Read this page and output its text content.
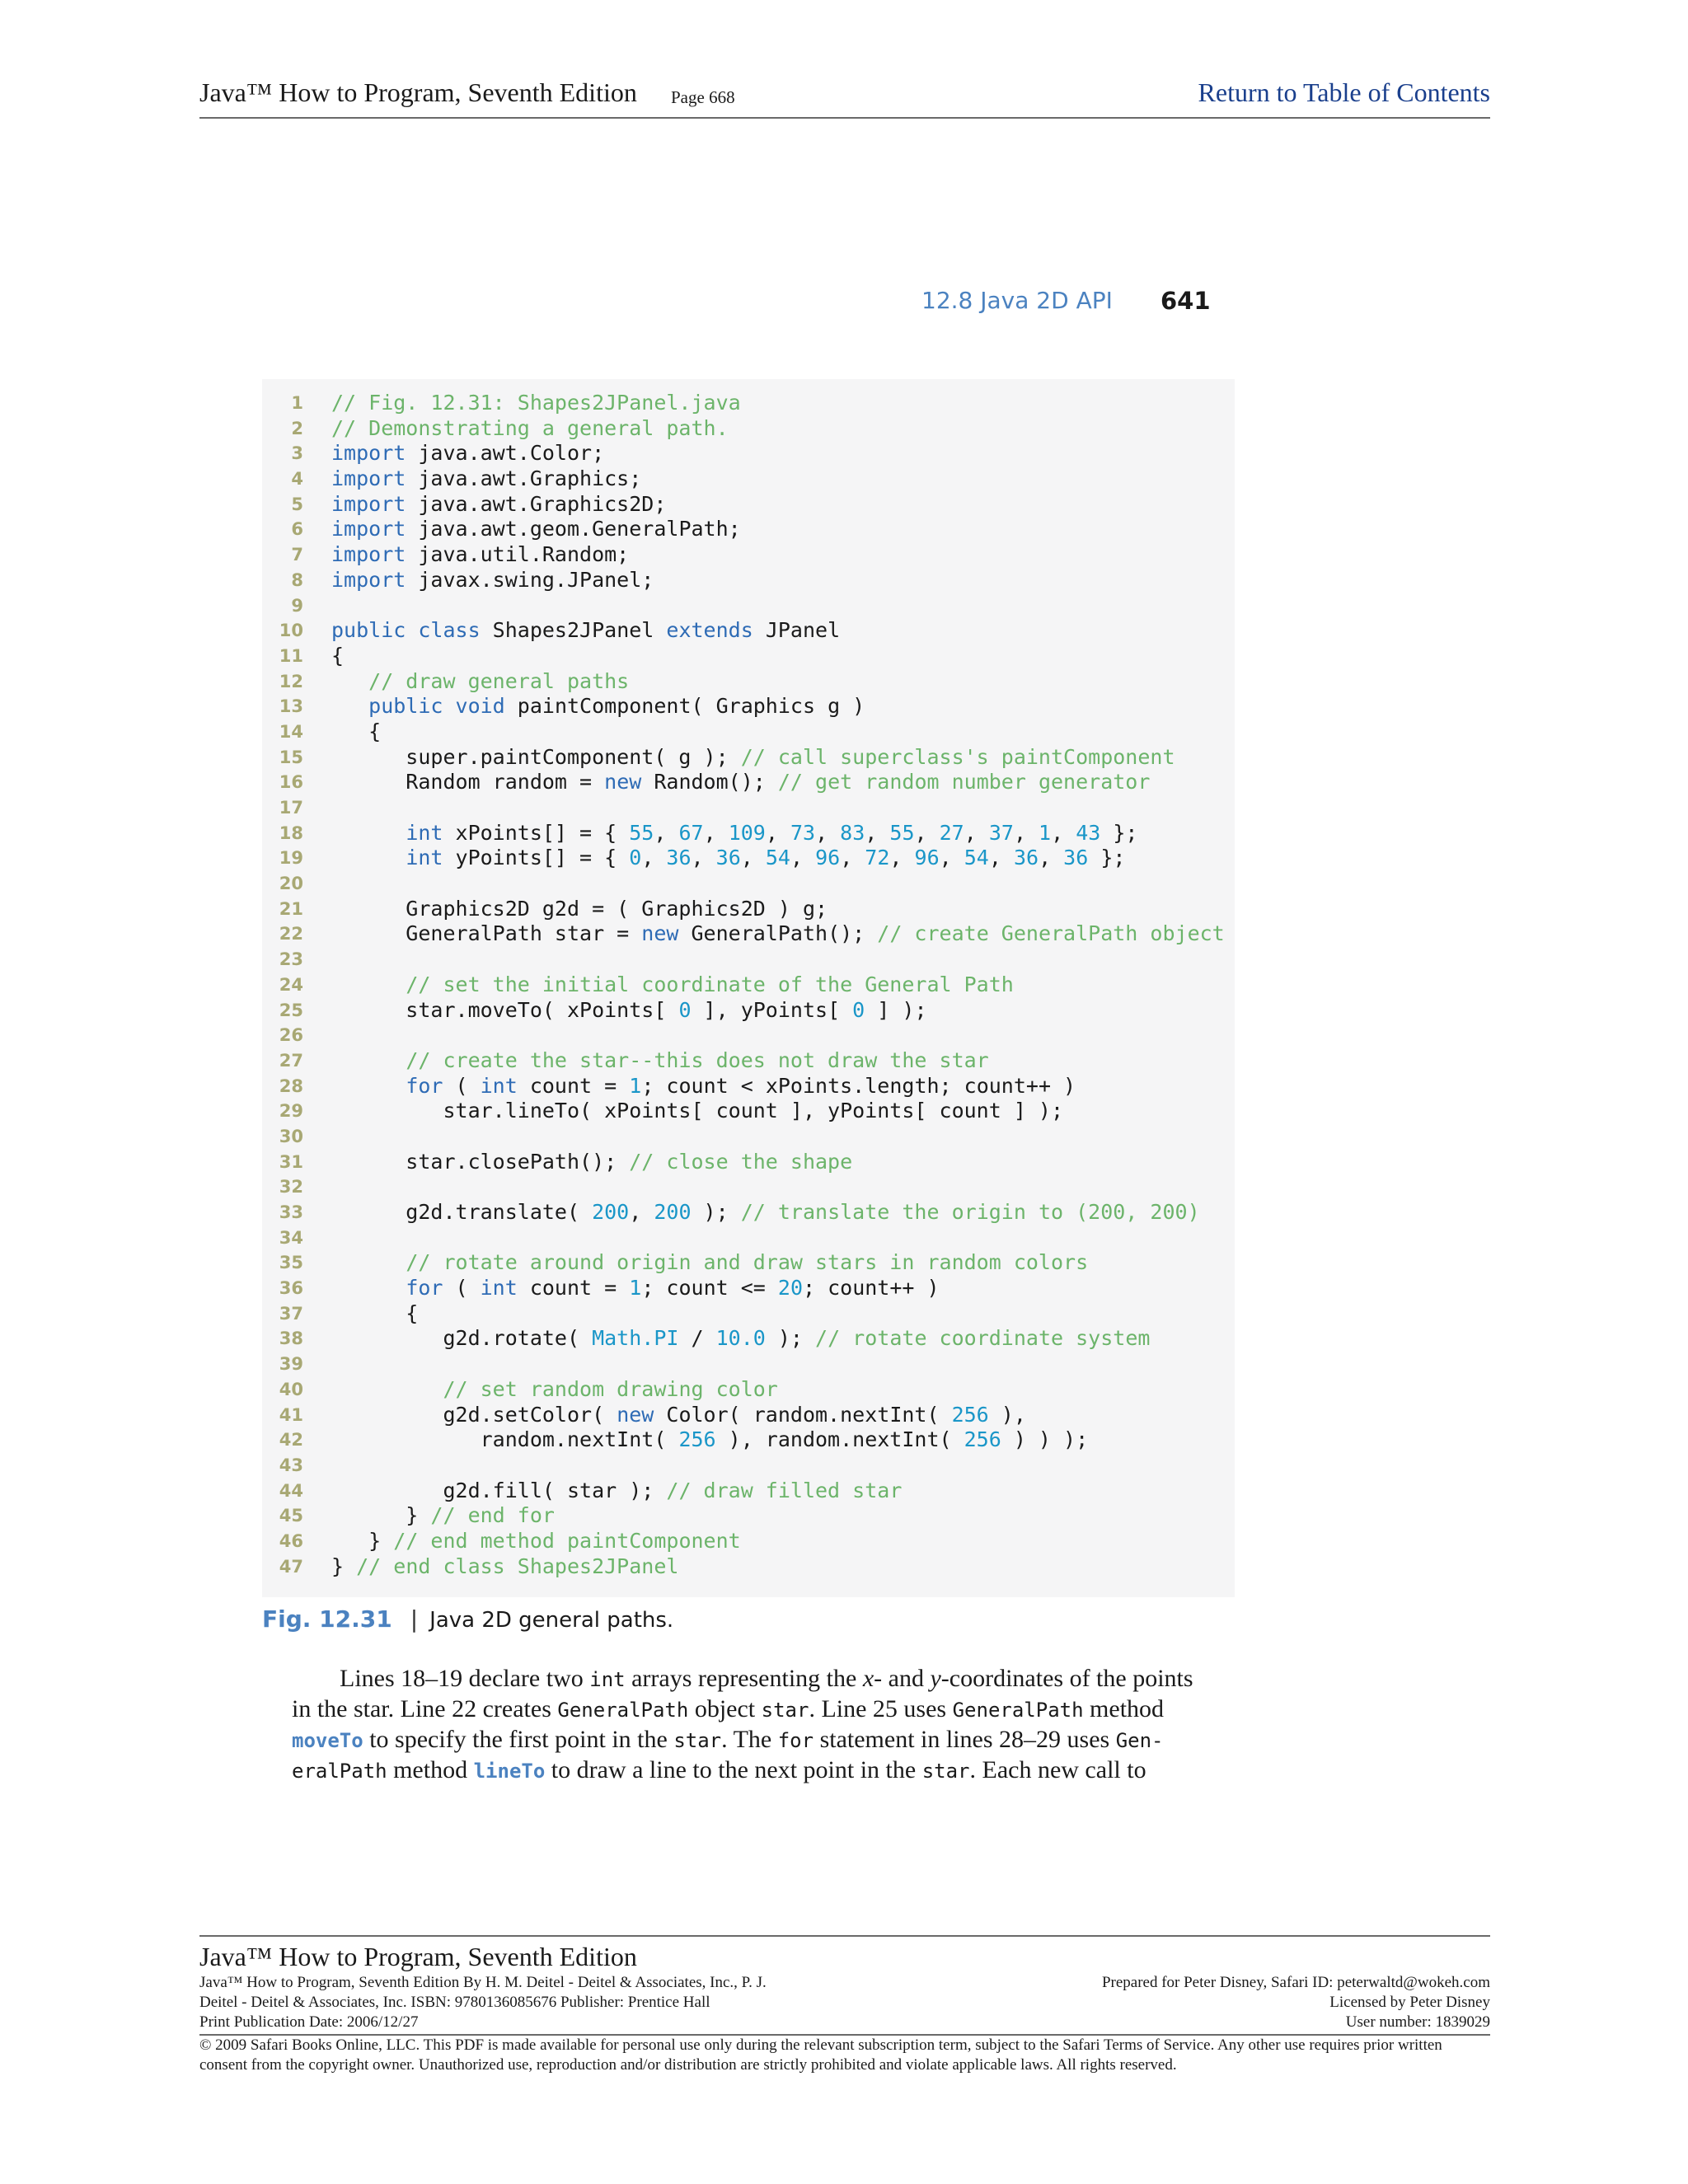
Java™ How to Program, Seventh Edition Page 668	Return to Table of Contents
12.8 Java 2D API 641
1 // Fig. 12.31: Shapes2JPanel.java
2 // Demonstrating a general path.
3 import java.awt.Color;
4 import java.awt.Graphics;
5 import java.awt.Graphics2D;
6 import java.awt.geom.GeneralPath;
7 import java.util.Random;
8 import javax.swing.JPanel;
9
10 public class Shapes2JPanel extends JPanel
11 {
12	// draw general paths
13	public void paintComponent( Graphics g )
14 {
15 super.paintComponent( g ); // call superclass's paintComponent
16 Random random = new Random(); // get random number generator
17
18	int xPoints[] = { 55, 67, 109, 73, 83, 55, 27, 37, 1, 43 };
19	int yPoints[] = { 0, 36, 36, 54, 96, 72, 96, 54, 36, 36 };
20
21 Graphics2D g2d = ( Graphics2D ) g;
22 GeneralPath star = new GeneralPath(); // create GeneralPath object
23
24	// set the initial coordinate of the General Path
25 star.moveTo( xPoints[ 0 ], yPoints[ 0 ] );
26
27	// create the star--this does not draw the star
28	for ( int count = 1; count < xPoints.length; count++ )
29 star.lineTo( xPoints[ count ], yPoints[ count ] );
30
31 star.closePath(); // close the shape
32
33 g2d.translate( 200, 200 ); // translate the origin to (200, 200)
34
35	// rotate around origin and draw stars in random colors
36	for ( int count = 1; count <= 20; count++ )
37 {
38 g2d.rotate( Math.PI / 10.0 ); // rotate coordinate system
39
40	// set random drawing color
41 g2d.setColor( new Color( random.nextInt( 256 ),
42 random.nextInt( 256 ), random.nextInt( 256 ) ) );
43
44 g2d.fill( star ); // draw filled star
45 } // end for
46 } // end method paintComponent
47 } // end class Shapes2JPanel
Fig. 12.31 | Java 2D general paths.
Lines 18–19 declare two int arrays representing the x- and y-coordinates of the points
in the star. Line 22 creates GeneralPath object star. Line 25 uses GeneralPath method
moveTo to specify the first point in the star. The for statement in lines 28–29 uses Gen-
eralPath method lineTo to draw a line to the next point in the star. Each new call to
Java™ How to Program, Seventh Edition
Java™ How to Program, Seventh Edition By H. M. Deitel - Deitel & Associates, Inc., P. J.	Prepared for Peter Disney, Safari ID: peterwaltd@wokeh.com
Deitel - Deitel & Associates, Inc. ISBN: 9780136085676 Publisher: Prentice Hall	Licensed by Peter Disney
Print Publication Date: 2006/12/27	User number: 1839029
© 2009 Safari Books Online, LLC. This PDF is made available for personal use only during the relevant subscription term, subject to the Safari Terms of Service. Any other use requires prior written consent from the copyright owner. Unauthorized use, reproduction and/or distribution are strictly prohibited and violate applicable laws. All rights reserved.
